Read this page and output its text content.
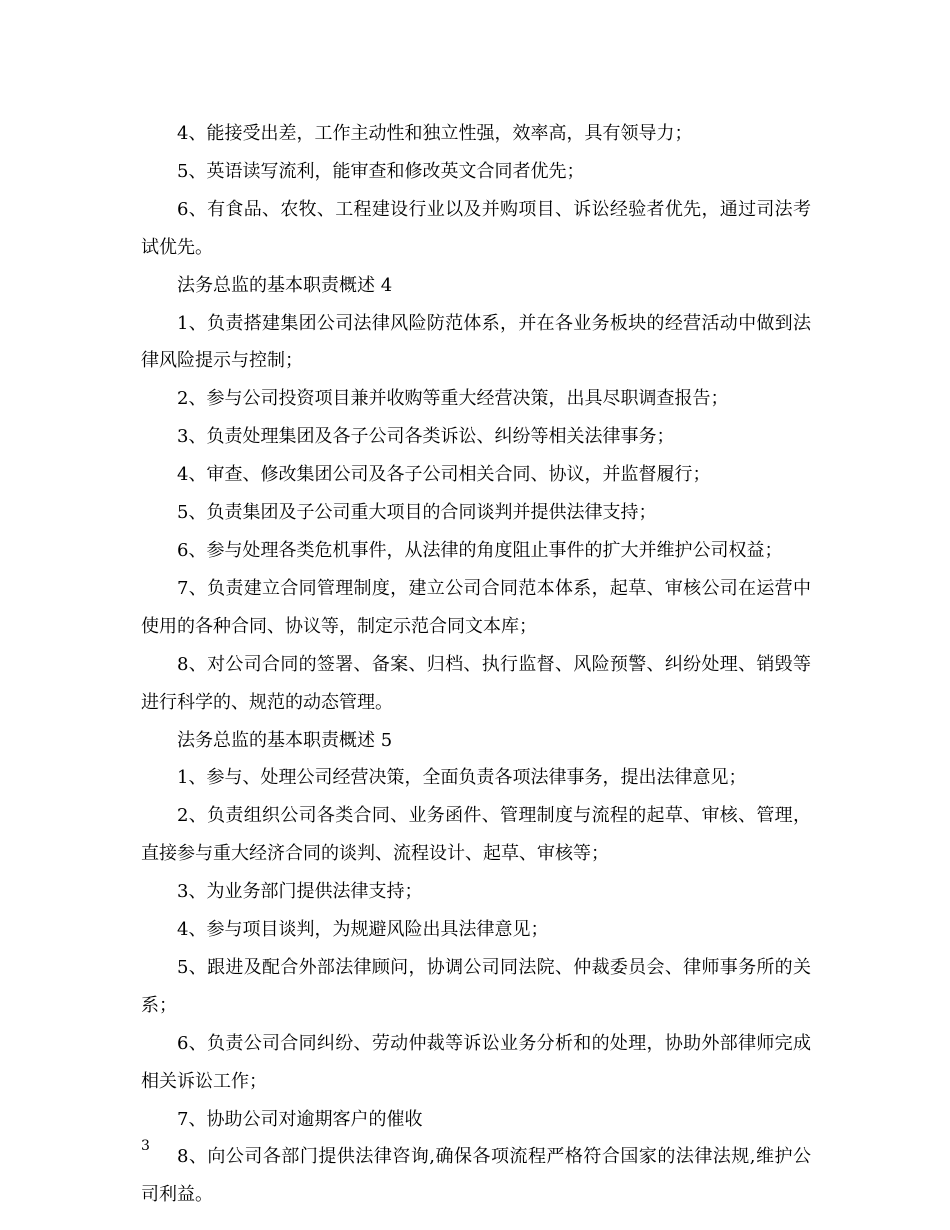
4、能接受出差，工作主动性和独立性强，效率高，具有领导力；

5、英语读写流利，能审查和修改英文合同者优先；

6、有食品、农牧、工程建设行业以及并购项目、诉讼经验者优先，通过司法考试优先。

法务总监的基本职责概述 4

1、负责搭建集团公司法律风险防范体系，并在各业务板块的经营活动中做到法律风险提示与控制；

2、参与公司投资项目兼并收购等重大经营决策，出具尽职调查报告；

3、负责处理集团及各子公司各类诉讼、纠纷等相关法律事务；

4、审查、修改集团公司及各子公司相关合同、协议，并监督履行；

5、负责集团及子公司重大项目的合同谈判并提供法律支持；

6、参与处理各类危机事件，从法律的角度阻止事件的扩大并维护公司权益；

7、负责建立合同管理制度，建立公司合同范本体系，起草、审核公司在运营中使用的各种合同、协议等，制定示范合同文本库；

8、对公司合同的签署、备案、归档、执行监督、风险预警、纠纷处理、销毁等进行科学的、规范的动态管理。

法务总监的基本职责概述 5

1、参与、处理公司经营决策，全面负责各项法律事务，提出法律意见；

2、负责组织公司各类合同、业务函件、管理制度与流程的起草、审核、管理，直接参与重大经济合同的谈判、流程设计、起草、审核等；

3、为业务部门提供法律支持；

4、参与项目谈判，为规避风险出具法律意见；

5、跟进及配合外部法律顾问，协调公司同法院、仲裁委员会、律师事务所的关系；

6、负责公司合同纠纷、劳动仲裁等诉讼业务分析和的处理，协助外部律师完成相关诉讼工作；

7、协助公司对逾期客户的催收

8、向公司各部门提供法律咨询,确保各项流程严格符合国家的法律法规,维护公司利益。

3
